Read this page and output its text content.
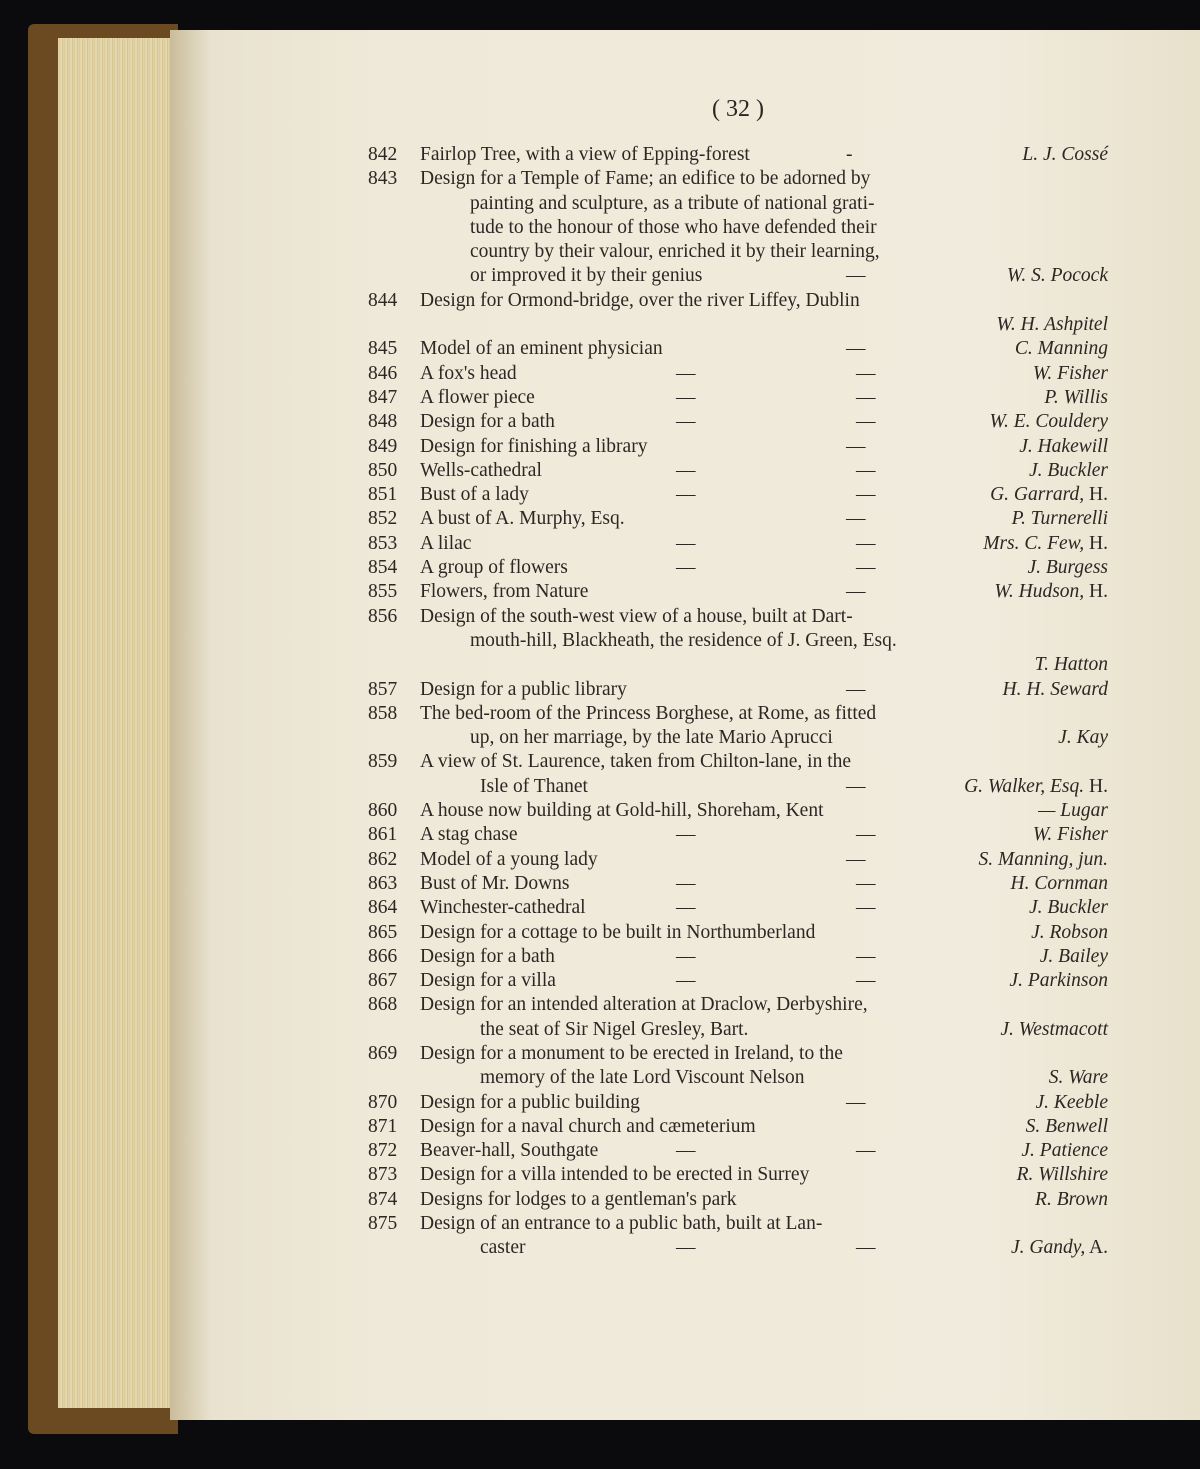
( 32 )
842 Fairlop Tree, with a view of Epping-forest	-	L. J. Cossé
843 Design for a Temple of Fame; an edifice to be adorned by
painting and sculpture, as a tribute of national grati-
tude to the honour of those who have defended their
country by their valour, enriched it by their learning,
or improved it by their genius	—	W. S. Pocock
844 Design for Ormond-bridge, over the river Liffey, Dublin
W. H. Ashpitel
845 Model of an eminent physician	—	C. Manning
846 A fox's head	—	—	W. Fisher
847 A flower piece	—	—	P. Willis
848 Design for a bath	—	—	W. E. Couldery
849 Design for finishing a library	—	J. Hakewill
850 Wells-cathedral	—	—	J. Buckler
851 Bust of a lady	—	—	G. Garrard, H.
852 A bust of A. Murphy, Esq.	—	P. Turnerelli
853 A lilac	—	—	Mrs. C. Few, H.
854 A group of flowers	—	—	J. Burgess
855 Flowers, from Nature	—	W. Hudson, H.
856 Design of the south-west view of a house, built at Dart-
mouth-hill, Blackheath, the residence of J. Green, Esq.
T. Hatton
857 Design for a public library	—	H. H. Seward
858 The bed-room of the Princess Borghese, at Rome, as fitted
up, on her marriage, by the late Mario Aprucci	J. Kay
859 A view of St. Laurence, taken from Chilton-lane, in the
Isle of Thanet	—	G. Walker, Esq. H.
860 A house now building at Gold-hill, Shoreham, Kent	— Lugar
861 A stag chase	—	—	W. Fisher
862 Model of a young lady	—	S. Manning, jun.
863 Bust of Mr. Downs	—	—	H. Cornman
864 Winchester-cathedral	—	—	J. Buckler
865 Design for a cottage to be built in Northumberland	J. Robson
866 Design for a bath	—	—	J. Bailey
867 Design for a villa	—	—	J. Parkinson
868 Design for an intended alteration at Draclow, Derbyshire,
the seat of Sir Nigel Gresley, Bart.	J. Westmacott
869 Design for a monument to be erected in Ireland, to the
memory of the late Lord Viscount Nelson	S. Ware
870 Design for a public building	—	J. Keeble
871 Design for a naval church and cæmeterium	S. Benwell
872 Beaver-hall, Southgate	—	—	J. Patience
873 Design for a villa intended to be erected in Surrey	R. Willshire
874 Designs for lodges to a gentleman's park	R. Brown
875 Design of an entrance to a public bath, built at Lan-
caster	—	—	J. Gandy, A.
